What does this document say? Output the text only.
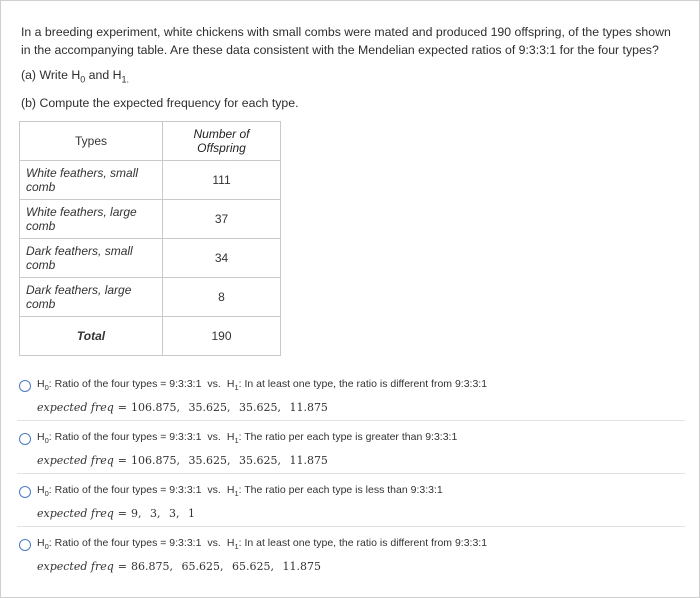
In a breeding experiment, white chickens with small combs were mated and produced 190 offspring, of the types shown in the accompanying table. Are these data consistent with the Mendelian expected ratios of 9:3:3:1 for the four types?
(a) Write $H_0$ and $H_{1.}$
(b) Compute the expected frequency for each type.
Types	Number of Offspring
White feathers, small comb	111
White feathers, large comb	37
Dark feathers, small comb	34
Dark feathers, large comb	8
Total	190
$H_0$: Ratio of the four types = 9:3:3:1 vs. $H_1$: In at least one type, the ratio is different from 9:3:3:1
expected freq = 106.875, 35.625, 35.625, 11.875
$H_0$: Ratio of the four types = 9:3:3:1 vs. $H_1$: The ratio per each type is greater than 9:3:3:1
expected freq = 106.875, 35.625, 35.625, 11.875
$H_0$: Ratio of the four types = 9:3:3:1 vs. $H_1$: The ratio per each type is less than 9:3:3:1
expected freq = 9, 3, 3, 1
$H_0$: Ratio of the four types = 9:3:3:1 vs. $H_1$: In at least one type, the ratio is different from 9:3:3:1
expected freq = 86.875, 65.625, 65.625, 11.875
